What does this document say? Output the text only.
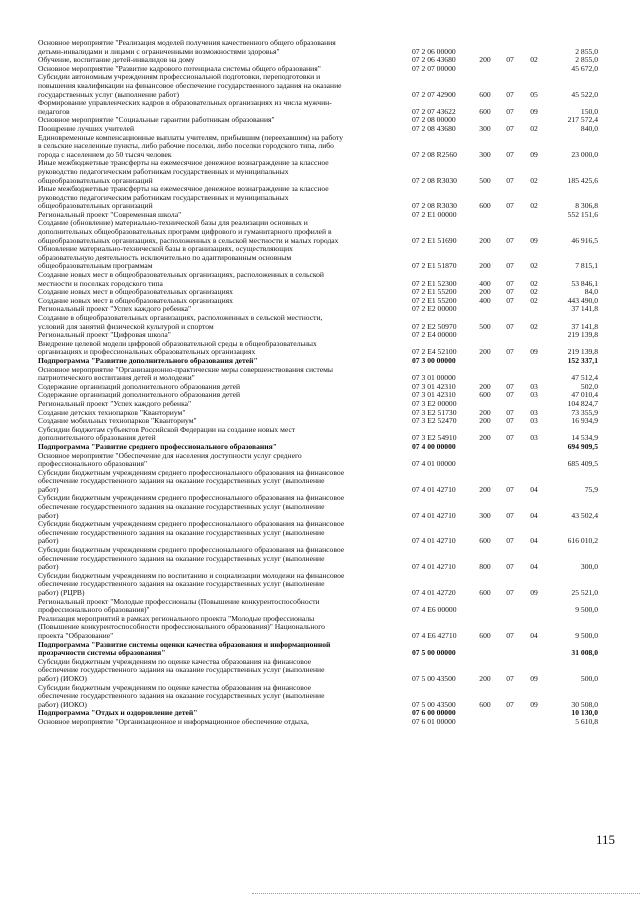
Основное мероприятие "Реализация моделей получения качественного общего образования
детьми-инвалидами и лицами с ограниченными возможностями здоровья"	07 2 06 00000	2 855,0
Обучение, воспитание детей-инвалидов на дому	07 2 06 43680	200	07	02	2 855,0
Основное мероприятие "Развитие кадрового потенциала системы общего образования"	07 2 07 00000	45 672,0
Субсидии автономным учреждениям профессиональной подготовки, переподготовки и
повышения квалификации на финансовое обеспечение государственного задания на оказание
государственных услуг (выполнение работ)	07 2 07 42900	600	07	05	45 522,0
Формирование управленческих кадров в образовательных организациях из числа мужчин-
педагогов	07 2 07 43622	600	07	09	150,0
Основное мероприятие "Социальные гарантии работникам образования"	07 2 08 00000	217 572,4
Поощрение лучших учителей	07 2 08 43680	300	07	02	840,0
Единовременные компенсационные выплаты учителям, прибывшим (переехавшим) на работу
в сельские населенные пункты, либо рабочие поселки, либо поселки городского типа, либо
города с населением до 50 тысяч человек	07 2 08 R2560	300	07	09	23 000,0
Иные межбюджетные трансферты на ежемесячное денежное вознаграждение за классное
руководство педагогическим работникам государственных и муниципальных
общеобразовательных организаций	07 2 08 R3030	500	07	02	185 425,6
Иные межбюджетные трансферты на ежемесячное денежное вознаграждение за классное
руководство педагогическим работникам государственных и муниципальных
общеобразовательных организаций	07 2 08 R3030	600	07	02	8 306,8
Региональный проект "Современная школа"	07 2 E1 00000	552 151,6
Создание (обновление) материально-технической базы для реализации основных и
дополнительных общеобразовательных программ цифрового и гуманитарного профилей в
общеобразовательных организациях, расположенных в сельской местности и малых городах	07 2 E1 51690	200	07	09	46 916,5
Обновление материально-технической базы в организациях, осуществляющих
образовательную деятельность исключительно по адаптированным основным
общеобразовательным программам	07 2 E1 51870	200	07	02	7 815,1
Создание новых мест в общеобразовательных организациях, расположенных в сельской
местности и поселках городского типа	07 2 E1 52300	400	07	02	53 846,1
Создание новых мест в общеобразовательных организациях	07 2 E1 55200	200	07	02	84,0
Создание новых мест в общеобразовательных организациях	07 2 E1 55200	400	07	02	443 490,0
Региональный проект "Успех каждого ребенка"	07 2 E2 00000	37 141,8
Создание в общеобразовательных организациях, расположенных в сельской местности,
условий для занятий физической культурой и спортом	07 2 E2 50970	500	07	02	37 141,8
Региональный проект "Цифровая школа"	07 2 E4 00000	219 139,8
Внедрение целевой модели цифровой образовательной среды в общеобразовательных
организациях и профессиональных образовательных организациях	07 2 E4 52100	200	07	09	219 139,8
Подпрограмма "Развитие дополнительного образования детей"	07 3 00 00000	152 337,1
Основное мероприятие "Организационно-практические меры совершенствования системы
патриотического воспитания детей и молодежи"	07 3 01 00000	47 512,4
Содержание организаций дополнительного образования детей	07 3 01 42310	200	07	03	502,0
Содержание организаций дополнительного образования детей	07 3 01 42310	600	07	03	47 010,4
Региональный проект "Успех каждого ребенка"	07 3 E2 00000	104 824,7
Создание детских технопарков "Кванториум"	07 3 E2 51730	200	07	03	73 355,9
Создание мобильных технопарков "Кванториум"	07 3 E2 52470	200	07	03	16 934,9
Субсидии бюджетам субъектов Российской Федерации на создание новых мест
дополнительного образования детей	07 3 E2 54910	200	07	03	14 534,9
Подпрограмма "Развитие среднего профессионального образования"	07 4 00 00000	694 909,5
Основное мероприятие "Обеспечение для населения доступности услуг среднего
профессионального образования"	07 4 01 00000	685 409,5
Субсидии бюджетным учреждениям среднего профессионального образования на финансовое
обеспечение государственного задания на оказание государственных услуг (выполнение
работ)	07 4 01 42710	200	07	04	75,9
Субсидии бюджетным учреждениям среднего профессионального образования на финансовое
обеспечение государственного задания на оказание государственных услуг (выполнение
работ)	07 4 01 42710	300	07	04	43 502,4
Субсидии бюджетным учреждениям среднего профессионального образования на финансовое
обеспечение государственного задания на оказание государственных услуг (выполнение
работ)	07 4 01 42710	600	07	04	616 010,2
Субсидии бюджетным учреждениям среднего профессионального образования на финансовое
обеспечение государственного задания на оказание государственных услуг (выполнение
работ)	07 4 01 42710	800	07	04	300,0
Субсидии бюджетным учреждениям по воспитанию и социализации молодежи на финансовое
обеспечение государственного задания на оказание государственных услуг (выполнение
работ) (РЦРВ)	07 4 01 42720	600	07	09	25 521,0
Региональный проект "Молодые профессионалы (Повышение конкурентоспособности
профессионального образования)"	07 4 E6 00000	9 500,0
Реализация мероприятий в рамках регионального проекта "Молодые профессионалы
(Повышение конкурентоспособности профессионального образования)" Национального
проекта "Образование"	07 4 E6 42710	600	07	04	9 500,0
Подпрограмма "Развитие системы оценки качества образования и информационной
прозрачности системы образования"	07 5 00 00000	31 008,0
Субсидии бюджетным учреждениям по оценке качества образования на финансовое
обеспечение государственного задания на оказание государственных услуг (выполнение
работ) (ИОКО)	07 5 00 43500	200	07	09	500,0
Субсидии бюджетным учреждениям по оценке качества образования на финансовое
обеспечение государственного задания на оказание государственных услуг (выполнение
работ) (ИОКО)	07 5 00 43500	600	07	09	30 508,0
Подпрограмма "Отдых и оздоровление детей"	07 6 00 00000	10 130,0
Основное мероприятие "Организационное и информационное обеспечение отдыха,	07 6 01 00000	5 610,8
115
